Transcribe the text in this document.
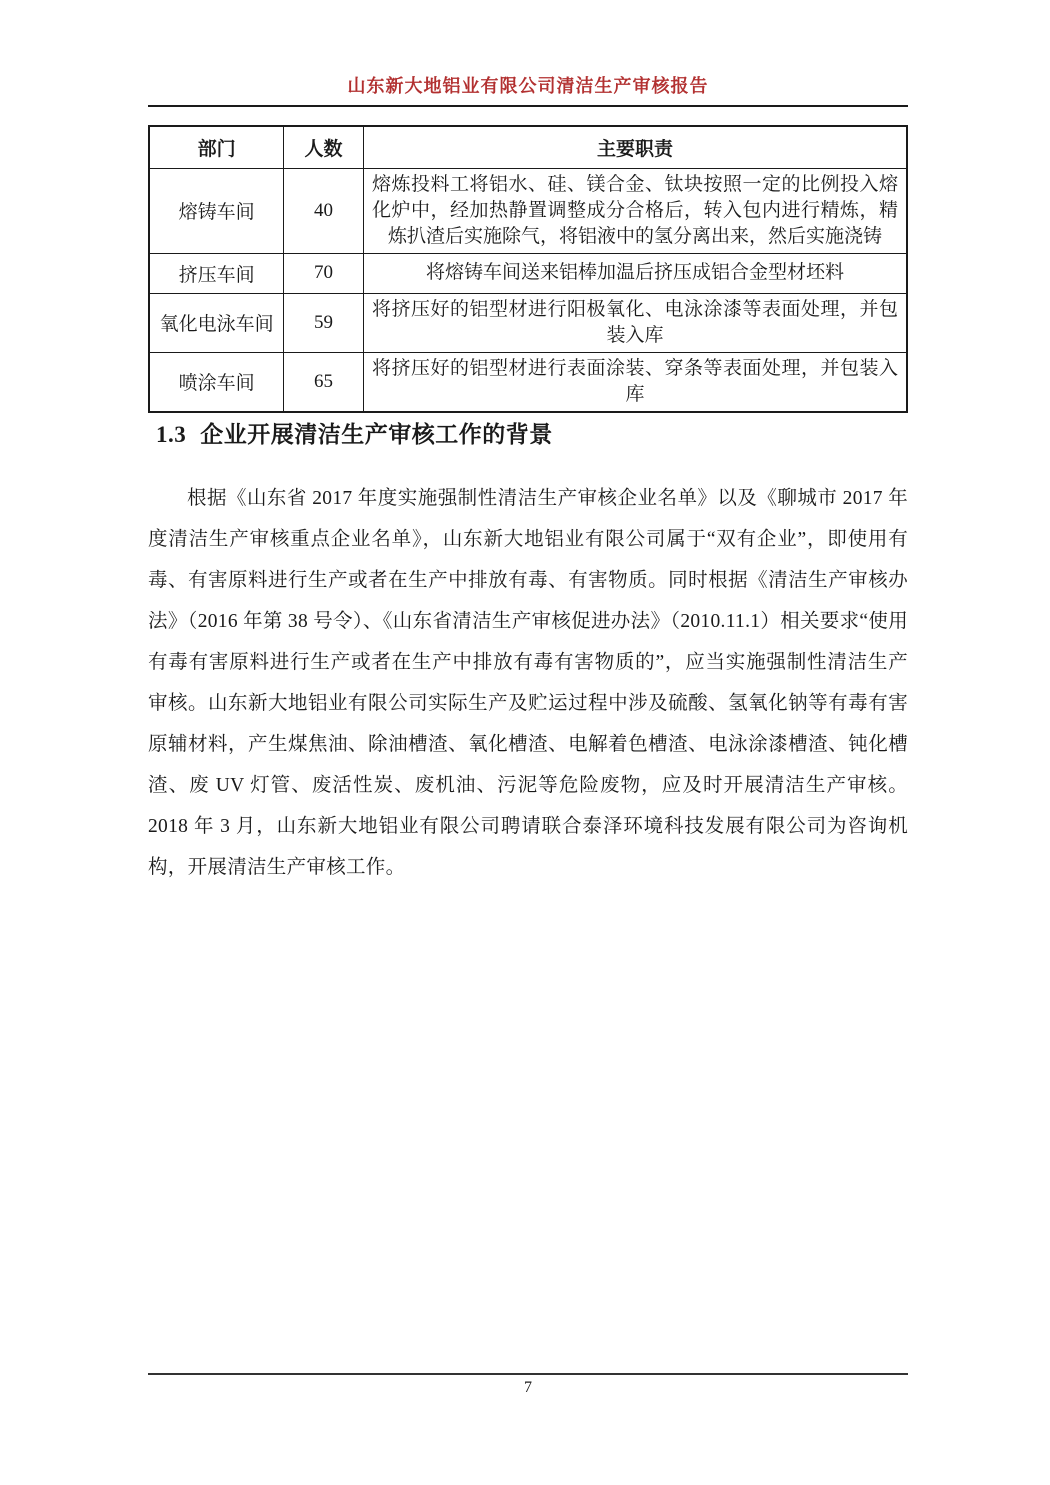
山东新大地铝业有限公司清洁生产审核报告
部门	人数	主要职责
熔铸车间	40	熔炼投料工将铝水、硅、镁合金、钛块按照一定的比例投入熔化炉中，经加热静置调整成分合格后，转入包内进行精炼，精炼扒渣后实施除气，将铝液中的氢分离出来，然后实施浇铸
挤压车间	70	将熔铸车间送来铝棒加温后挤压成铝合金型材坯料
氧化电泳车间	59	将挤压好的铝型材进行阳极氧化、电泳涂漆等表面处理，并包装入库
喷涂车间	65	将挤压好的铝型材进行表面涂装、穿条等表面处理，并包装入库
1.3 企业开展清洁生产审核工作的背景

根据《山东省 2017 年度实施强制性清洁生产审核企业名单》以及《聊城市 2017 年度清洁生产审核重点企业名单》，山东新大地铝业有限公司属于“双有企业”，即使用有毒、有害原料进行生产或者在生产中排放有毒、有害物质。同时根据《清洁生产审核办法》（2016 年第 38 号令）、《山东省清洁生产审核促进办法》（2010.11.1）相关要求“使用有毒有害原料进行生产或者在生产中排放有毒有害物质的”，应当实施强制性清洁生产审核。山东新大地铝业有限公司实际生产及贮运过程中涉及硫酸、氢氧化钠等有毒有害原辅材料，产生煤焦油、除油槽渣、氧化槽渣、电解着色槽渣、电泳涂漆槽渣、钝化槽渣、废 UV 灯管、废活性炭、废机油、污泥等危险废物，应及时开展清洁生产审核。2018 年 3 月，山东新大地铝业有限公司聘请联合泰泽环境科技发展有限公司为咨询机构，开展清洁生产审核工作。

7
